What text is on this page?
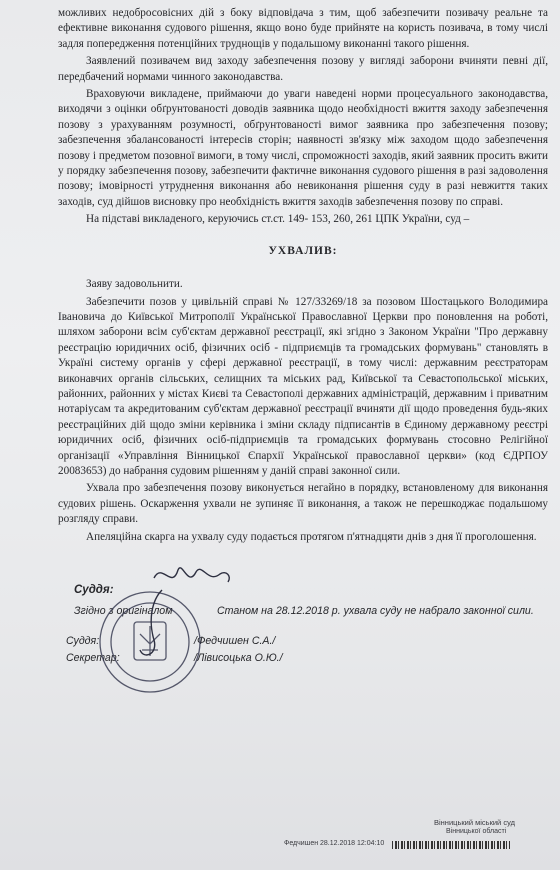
можливих недобросовісних дій з боку відповідача з тим, щоб забезпечити позивачу реальне та ефективне виконання судового рішення, якщо воно буде прийняте на користь позивача, в тому числі задля попередження потенційних труднощів у подальшому виконанні такого рішення.

Заявлений позивачем вид заходу забезпечення позову у вигляді заборони вчиняти певні дії, передбачений нормами чинного законодавства.

Враховуючи викладене, приймаючи до уваги наведені норми процесуального законодавства, виходячи з оцінки обґрунтованості доводів заявника щодо необхідності вжиття заходу забезпечення позову з урахуванням розумності, обґрунтованості вимог заявника про забезпечення позову; забезпечення збалансованості інтересів сторін; наявності зв'язку між заходом щодо забезпечення позову і предметом позовної вимоги, в тому числі, спроможності заходів, який заявник просить вжити у порядку забезпечення позову, забезпечити фактичне виконання судового рішення в разі задоволення позову; імовірності утруднення виконання або невиконання рішення суду в разі невжиття таких заходів, суд дійшов висновку про необхідність вжиття заходів забезпечення позову по справі.

На підставі викладеного, керуючись ст.ст. 149- 153, 260, 261 ЦПК України, суд –

УХВАЛИВ:

Заяву задовольнити.

Забезпечити позов у цивільній справі № 127/33269/18 за позовом Шостацького Володимира Івановича до Київської Митрополії Української Православної Церкви про поновлення на роботі, шляхом заборони всім суб'єктам державної реєстрації, які згідно з Законом України "Про державну реєстрацію юридичних осіб, фізичних осіб - підприємців та громадських формувань" становлять в Україні систему органів у сфері державної реєстрації, в тому числі: державним реєстраторам виконавчих органів сільських, селищних та міських рад, Київської та Севастопольської міських, районних, районних у містах Києві та Севастополі державних адміністрацій, державним і приватним нотаріусам та акредитованим суб'єктам державної реєстрації вчиняти дії щодо проведення будь-яких реєстраційних дій щодо зміни керівника і зміни складу підписантів в Єдиному державному реєстрі юридичних осіб, фізичних осіб-підприємців та громадських формувань стосовно Релігійної організації «Управління Вінницької Єпархії Української православної церкви» (код ЄДРПОУ 20083653) до набрання судовим рішенням у даній справі законної сили.

Ухвала про забезпечення позову виконується негайно в порядку, встановленому для виконання судових рішень. Оскарження ухвали не зупиняє її виконання, а також не перешкоджає подальшому розгляду справи.

Апеляційна скарга на ухвалу суду подається протягом п'ятнадцяти днів з дня її проголошення.

Суддя:
Згідно з оригіналом	Станом на 28.12.2018 р. ухвала суду не набрало законної сили.
Суддя:	/Федчишен С.А./
Секретар:	/Лівисоцька О.Ю./
Вінницький міський суд
Вінницької області
Федчишен 28.12.2018 12:04:10
